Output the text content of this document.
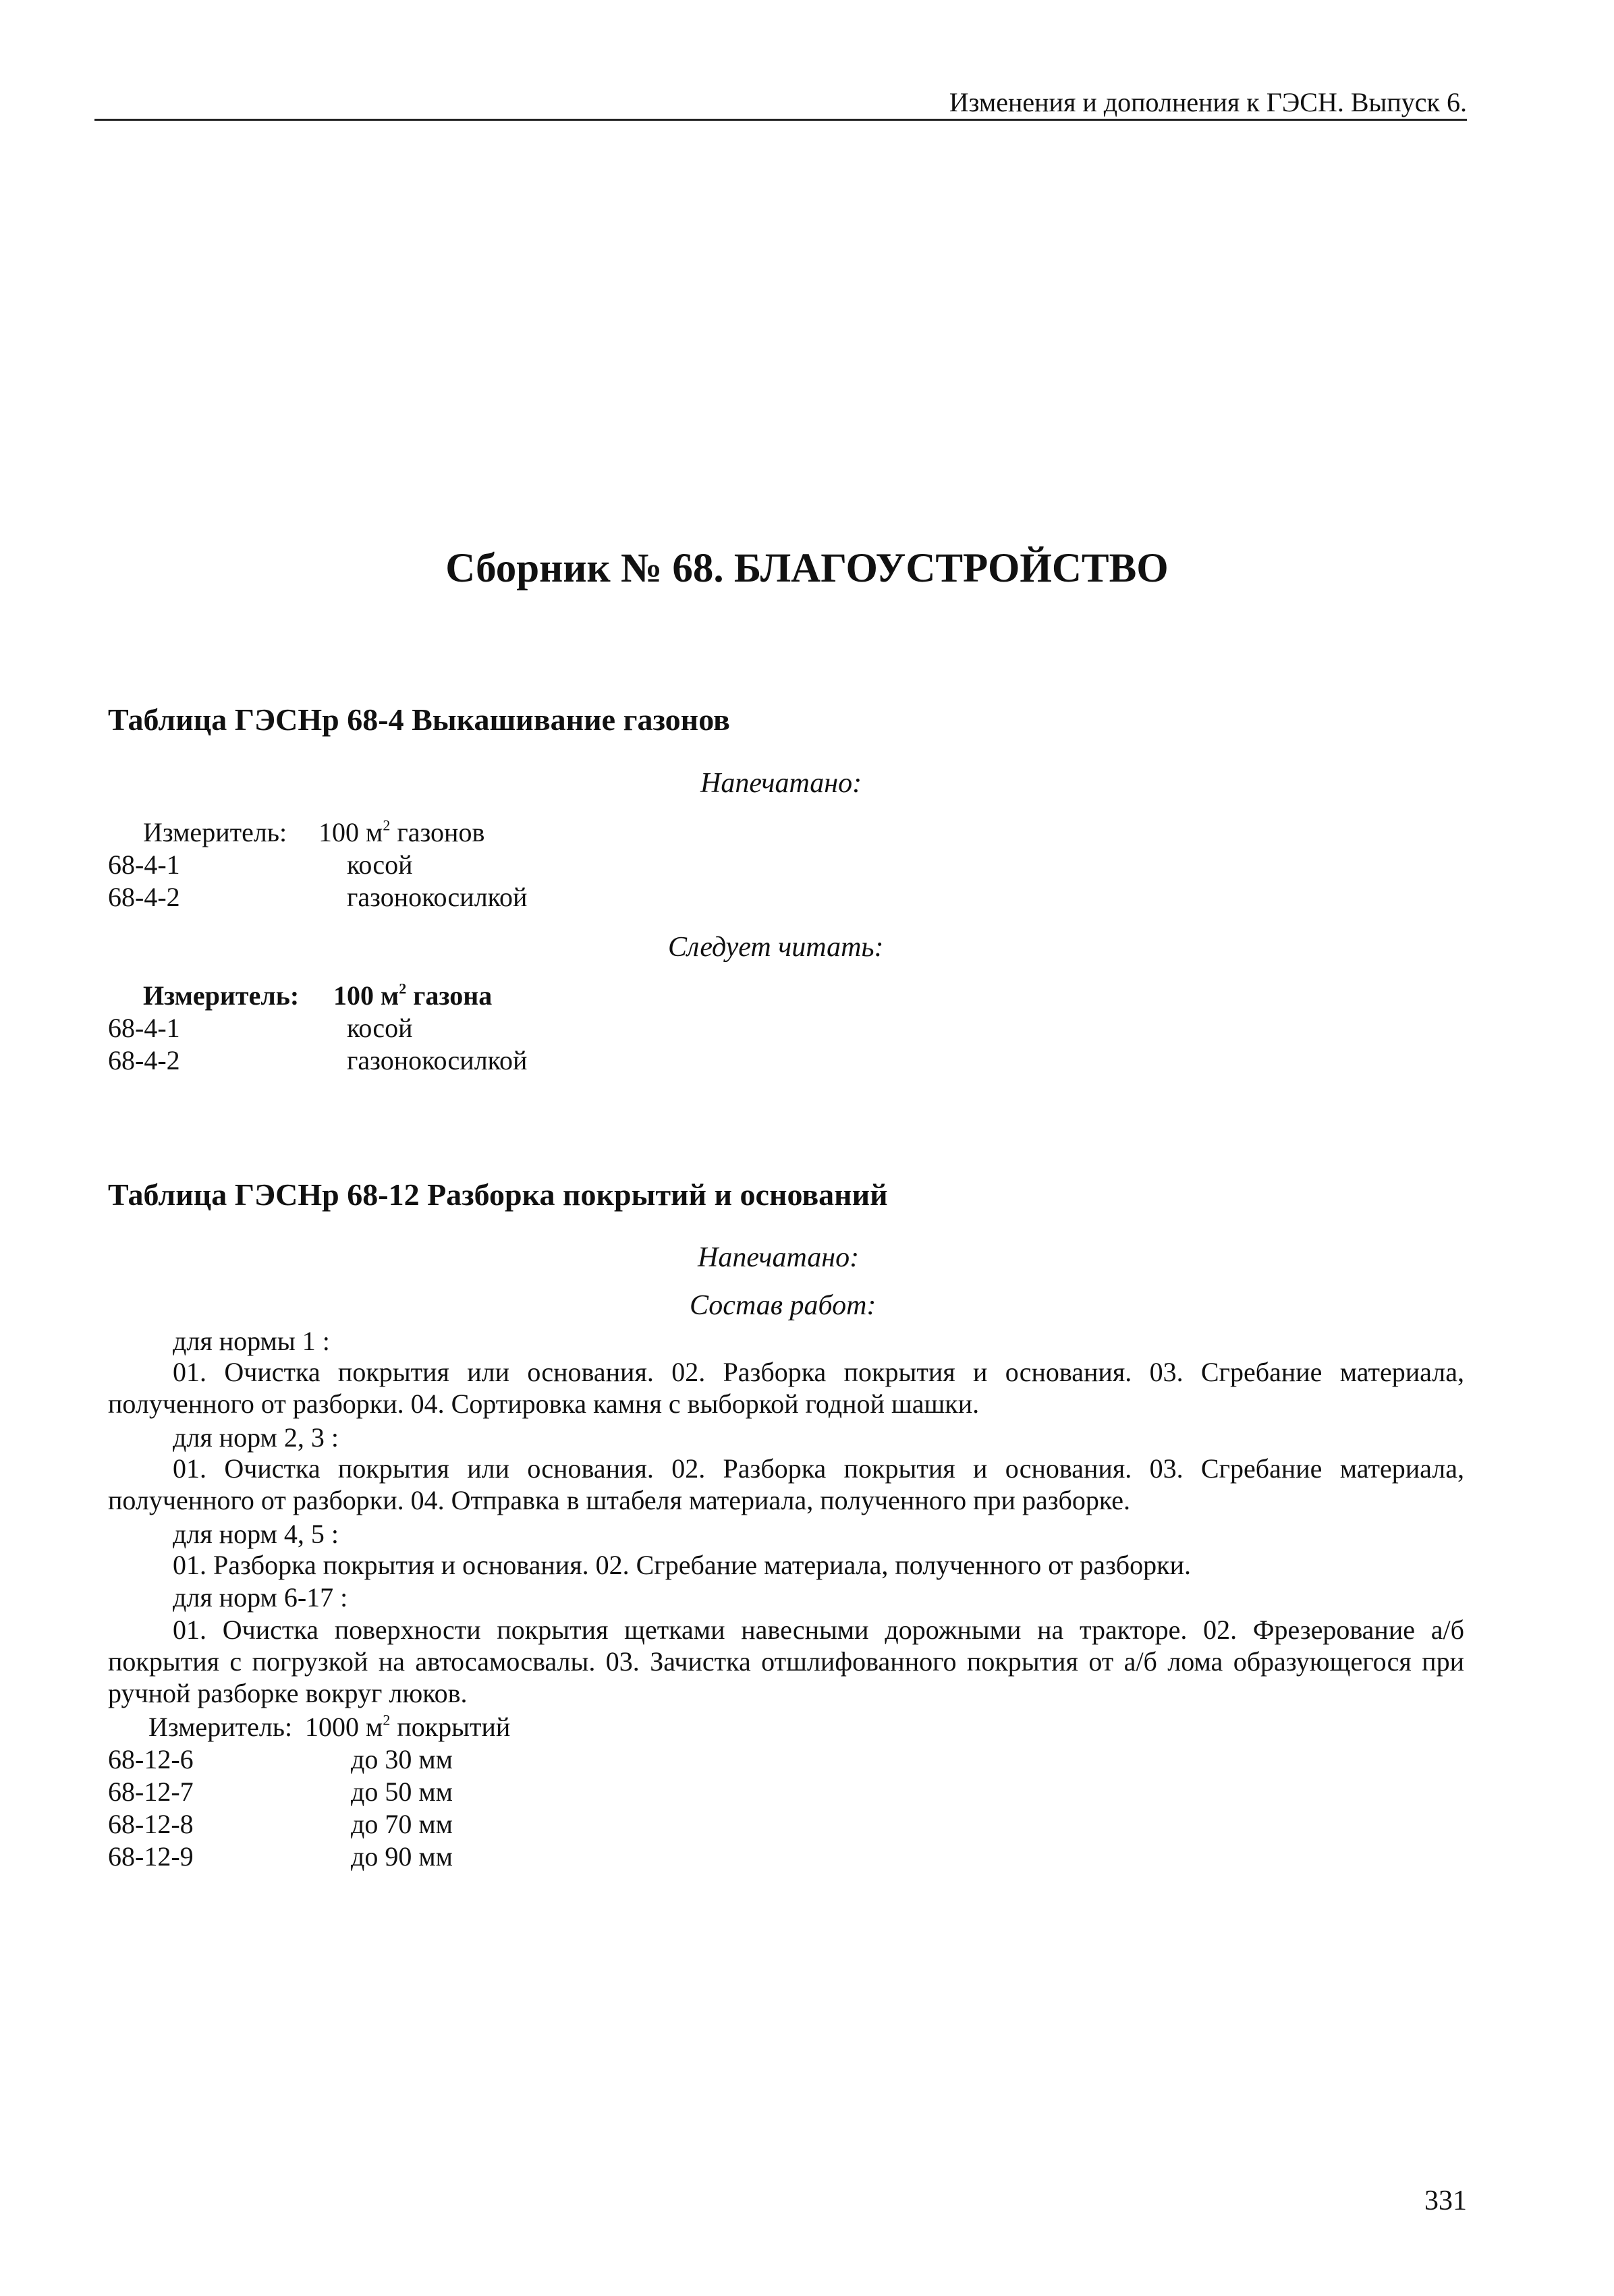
Изменения и дополнения к ГЭСН. Выпуск 6.
Сборник № 68. БЛАГОУСТРОЙСТВО
Таблица ГЭСНр 68-4 Выкашивание газонов
Напечатано:
Измеритель: 100 $м^2$ газонов
68-4-1	косой
68-4-2	газонокосилкой
Следует читать:
Измеритель: 100 $м^2$ газона
68-4-1	косой
68-4-2	газонокосилкой
Таблица ГЭСНр 68-12 Разборка покрытий и оснований
Напечатано:
Состав работ:
для нормы 1 :
01. Очистка покрытия или основания. 02. Разборка покрытия и основания. 03. Сгребание материала, полученного от разборки. 04. Сортировка камня с выборкой годной шашки.
для норм 2, 3 :
01. Очистка покрытия или основания. 02. Разборка покрытия и основания. 03. Сгребание материала, полученного от разборки. 04. Отправка в штабеля материала, полученного при разборке.
для норм 4, 5 :
01. Разборка покрытия и основания. 02. Сгребание материала, полученного от разборки.
для норм 6-17 :
01. Очистка поверхности покрытия щетками навесными дорожными на тракторе. 02. Фрезерование а/б покрытия с погрузкой на автосамосвалы. 03. Зачистка отшлифованного покрытия от а/б лома образующегося при ручной разборке вокруг люков.
Измеритель: 1000 $м^2$ покрытий
68-12-6	до 30 мм
68-12-7	до 50 мм
68-12-8	до 70 мм
68-12-9	до 90 мм
331
